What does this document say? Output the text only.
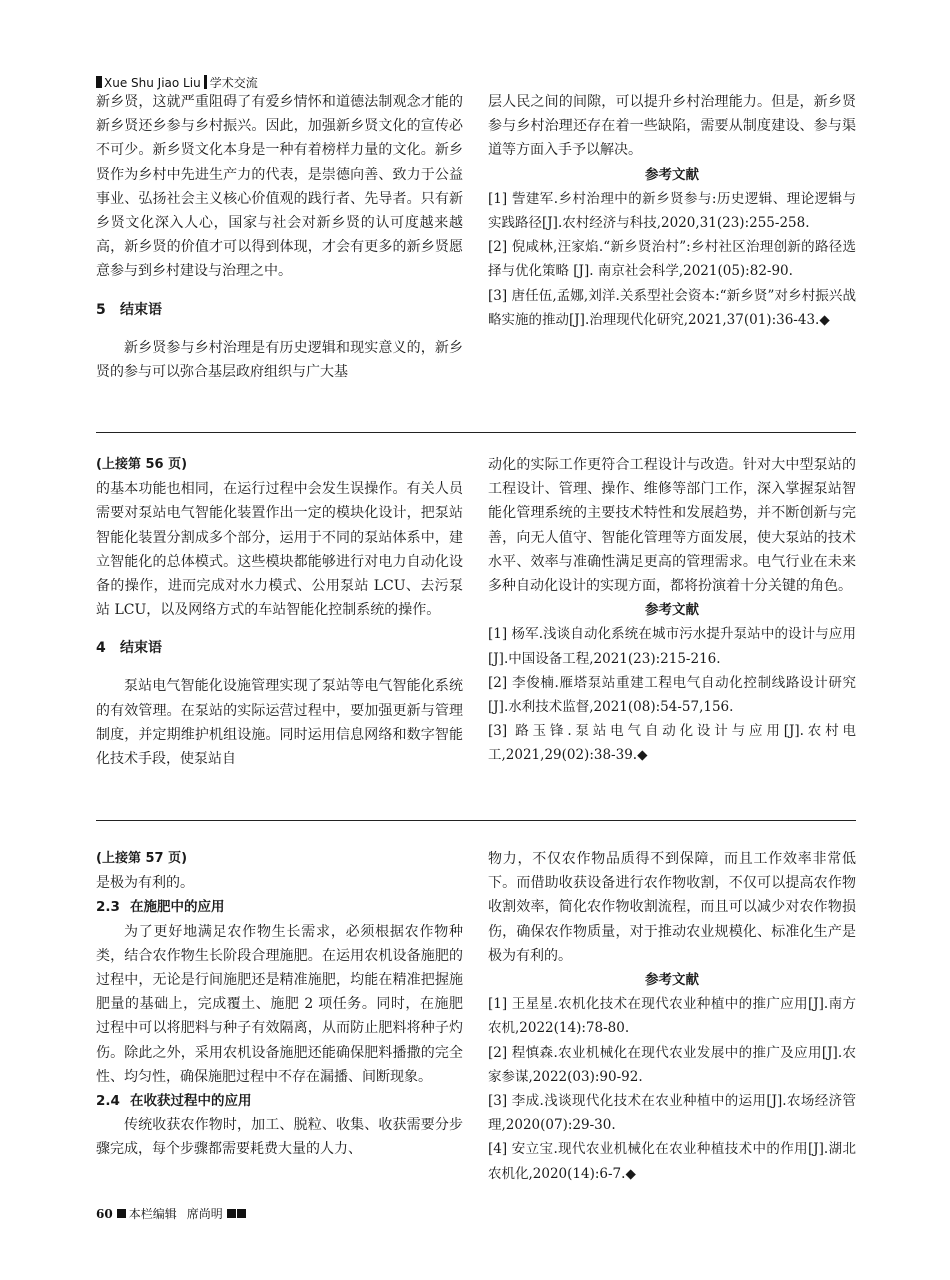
Xue Shu Jiao Liu 学术交流

新乡贤，这就严重阻碍了有爱乡情怀和道德法制观念才能的新乡贤还乡参与乡村振兴。因此，加强新乡贤文化的宣传必不可少。新乡贤文化本身是一种有着榜样力量的文化。新乡贤作为乡村中先进生产力的代表，是崇德向善、致力于公益事业、弘扬社会主义核心价值观的践行者、先导者。只有新乡贤文化深入人心，国家与社会对新乡贤的认可度越来越高，新乡贤的价值才可以得到体现，才会有更多的新乡贤愿意参与到乡村建设与治理之中。

5 结束语

新乡贤参与乡村治理是有历史逻辑和现实意义的，新乡贤的参与可以弥合基层政府组织与广大基

层人民之间的间隙，可以提升乡村治理能力。但是，新乡贤参与乡村治理还存在着一些缺陷，需要从制度建设、参与渠道等方面入手予以解决。

参考文献

[1] 訾建军.乡村治理中的新乡贤参与:历史逻辑、理论逻辑与实践路径[J].农村经济与科技,2020,31(23):255-258.

[2] 倪咸林,汪家焰.“新乡贤治村”:乡村社区治理创新的路径选择与优化策略 [J]. 南京社会科学,2021(05):82-90.

[3] 唐任伍,孟娜,刘洋.关系型社会资本:“新乡贤”对乡村振兴战略实施的推动[J].治理现代化研究,2021,37(01):36-43.◆

(上接第 56 页)

的基本功能也相同，在运行过程中会发生误操作。有关人员需要对泵站电气智能化装置作出一定的模块化设计，把泵站智能化装置分割成多个部分，运用于不同的泵站体系中，建立智能化的总体模式。这些模块都能够进行对电力自动化设备的操作，进而完成对水力模式、公用泵站 LCU、去污泵站 LCU，以及网络方式的车站智能化控制系统的操作。

4 结束语

泵站电气智能化设施管理实现了泵站等电气智能化系统的有效管理。在泵站的实际运营过程中，要加强更新与管理制度，并定期维护机组设施。同时运用信息网络和数字智能化技术手段，使泵站自

动化的实际工作更符合工程设计与改造。针对大中型泵站的工程设计、管理、操作、维修等部门工作，深入掌握泵站智能化管理系统的主要技术特性和发展趋势，并不断创新与完善，向无人值守、智能化管理等方面发展，使大泵站的技术水平、效率与准确性满足更高的管理需求。电气行业在未来多种自动化设计的实现方面，都将扮演着十分关键的角色。

参考文献

[1] 杨军.浅谈自动化系统在城市污水提升泵站中的设计与应用[J].中国设备工程,2021(23):215-216.

[2] 李俊楠.雁塔泵站重建工程电气自动化控制线路设计研究[J].水利技术监督,2021(08):54-57,156.

[3] 路玉锋.泵站电气自动化设计与应用[J].农村电工,2021,29(02):38-39.◆

(上接第 57 页)

是极为有利的。

2.3 在施肥中的应用

为了更好地满足农作物生长需求，必须根据农作物种类，结合农作物生长阶段合理施肥。在运用农机设备施肥的过程中，无论是行间施肥还是精准施肥，均能在精准把握施肥量的基础上，完成覆土、施肥 2 项任务。同时，在施肥过程中可以将肥料与种子有效隔离，从而防止肥料将种子灼伤。除此之外，采用农机设备施肥还能确保肥料播撒的完全性、均匀性，确保施肥过程中不存在漏播、间断现象。

2.4 在收获过程中的应用

传统收获农作物时，加工、脱粒、收集、收获需要分步骤完成，每个步骤都需要耗费大量的人力、

物力，不仅农作物品质得不到保障，而且工作效率非常低下。而借助收获设备进行农作物收割，不仅可以提高农作物收割效率，简化农作物收割流程，而且可以减少对农作物损伤，确保农作物质量，对于推动农业规模化、标准化生产是极为有利的。

参考文献

[1] 王星星.农机化技术在现代农业种植中的推广应用[J].南方农机,2022(14):78-80.

[2] 程慎森.农业机械化在现代农业发展中的推广及应用[J].农家参谋,2022(03):90-92.

[3] 李成.浅谈现代化技术在农业种植中的运用[J].农场经济管理,2020(07):29-30.

[4] 安立宝.现代农业机械化在农业种植技术中的作用[J].湖北农机化,2020(14):6-7.◆

60 本栏编辑 席尚明
